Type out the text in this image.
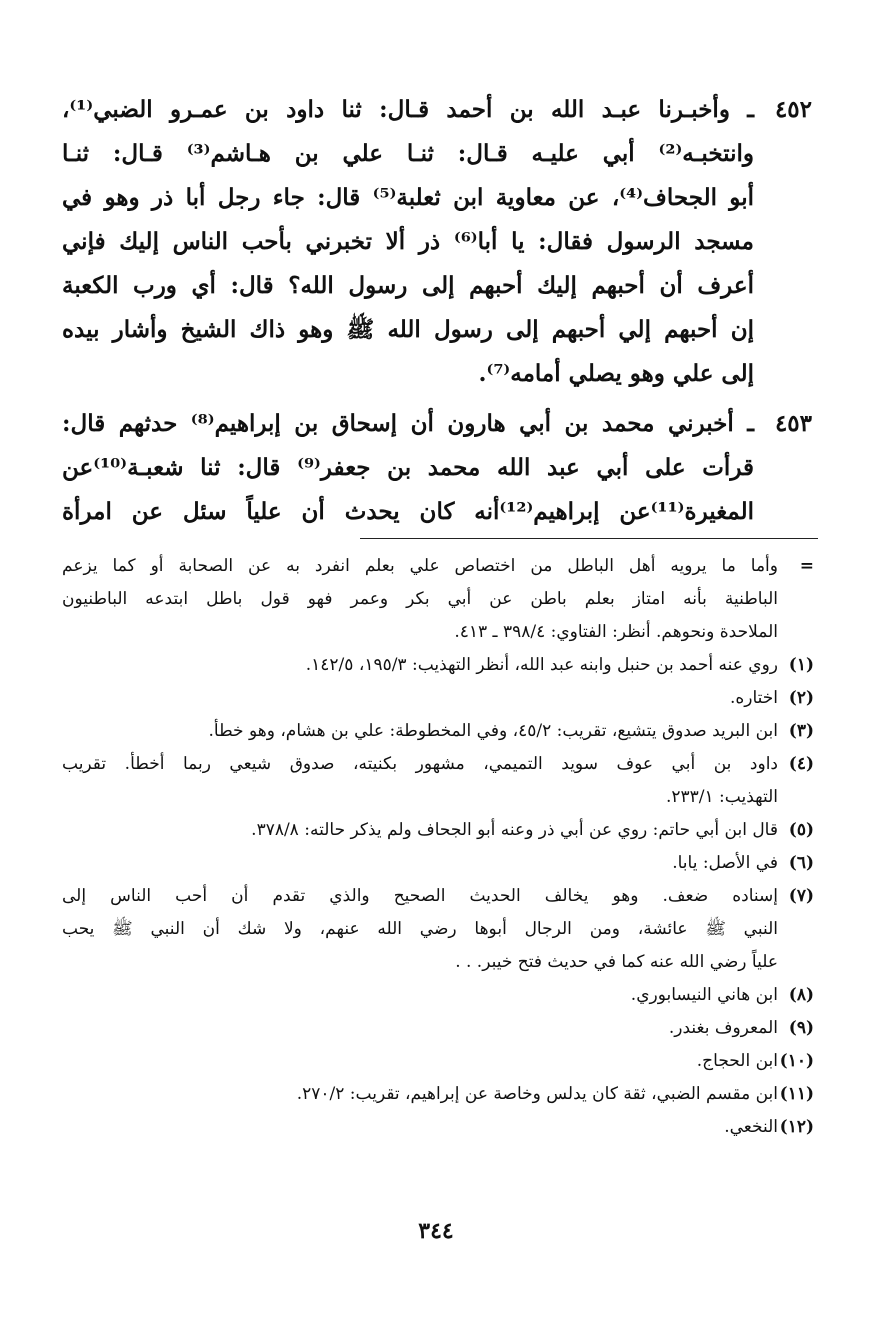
٤٥٢ـ وأخبـرنا عبـد الله بن أحمد قـال: ثنا داود بن عمـرو الضبي⁽¹⁾،
وانتخبـه⁽²⁾ أبي عليـه قـال: ثنـا علي بن هـاشم⁽³⁾ قـال: ثنـا
أبو الجحاف⁽⁴⁾، عن معاوية ابن ثعلبة⁽⁵⁾ قال: جاء رجل أبا ذر وهو في
مسجد الرسول فقال: يا أبا⁽⁶⁾ ذر ألا تخبرني بأحب الناس إليك فإني
أعرف أن أحبهم إليك أحبهم إلى رسول الله؟ قال: أي ورب الكعبة
إن أحبهم إلي أحبهم إلى رسول الله ﷺ وهو ذاك الشيخ وأشار بيده
إلى علي وهو يصلي أمامه⁽⁷⁾.
٤٥٣ـ أخبرني محمد بن أبي هارون أن إسحاق بن إبراهيم⁽⁸⁾ حدثهم قال:
قرأت على أبي عبد الله محمد بن جعفر⁽⁹⁾ قال: ثنا شعبـة⁽¹⁰⁾عن
المغيرة⁽¹¹⁾عن إبراهيم⁽¹²⁾أنه كان يحدث أن علياً سئل عن امرأة
=وأما ما يرويه أهل الباطل من اختصاص علي بعلم انفرد به عن الصحابة أو كما يزعم
الباطنية بأنه امتاز بعلم باطن عن أبي بكر وعمر فهو قول باطل ابتدعه الباطنيون
الملاحدة ونحوهم. أنظر: الفتاوي: ٣٩٨/٤ ـ ٤١٣.
(١)روي عنه أحمد بن حنبل وابنه عبد الله، أنظر التهذيب: ١٩٥/٣، ١٤٢/٥.
(٢)اختاره.
(٣)ابن البريد صدوق يتشيع، تقريب: ٤٥/٢، وفي المخطوطة: علي بن هشام، وهو خطأ.
(٤)داود بن أبي عوف سويد التميمي، مشهور بكنيته، صدوق شيعي ربما أخطأ. تقريب
التهذيب: ٢٣٣/١.
(٥)قال ابن أبي حاتم: روي عن أبي ذر وعنه أبو الجحاف ولم يذكر حالته: ٣٧٨/٨.
(٦)في الأصل: يابا.
(٧)إسناده ضعف. وهو يخالف الحديث الصحيح والذي تقدم أن أحب الناس إلى
النبي ﷺ عائشة، ومن الرجال أبوها رضي الله عنهم، ولا شك أن النبي ﷺ يحب
علياً رضي الله عنه كما في حديث فتح خيبر. . .
(٨)ابن هاني النيسابوري.
(٩)المعروف بغندر.
(١٠)ابن الحجاج.
(١١)ابن مقسم الضبي، ثقة كان يدلس وخاصة عن إبراهيم، تقريب: ٢٧٠/٢.
(١٢)النخعي.
٣٤٤
